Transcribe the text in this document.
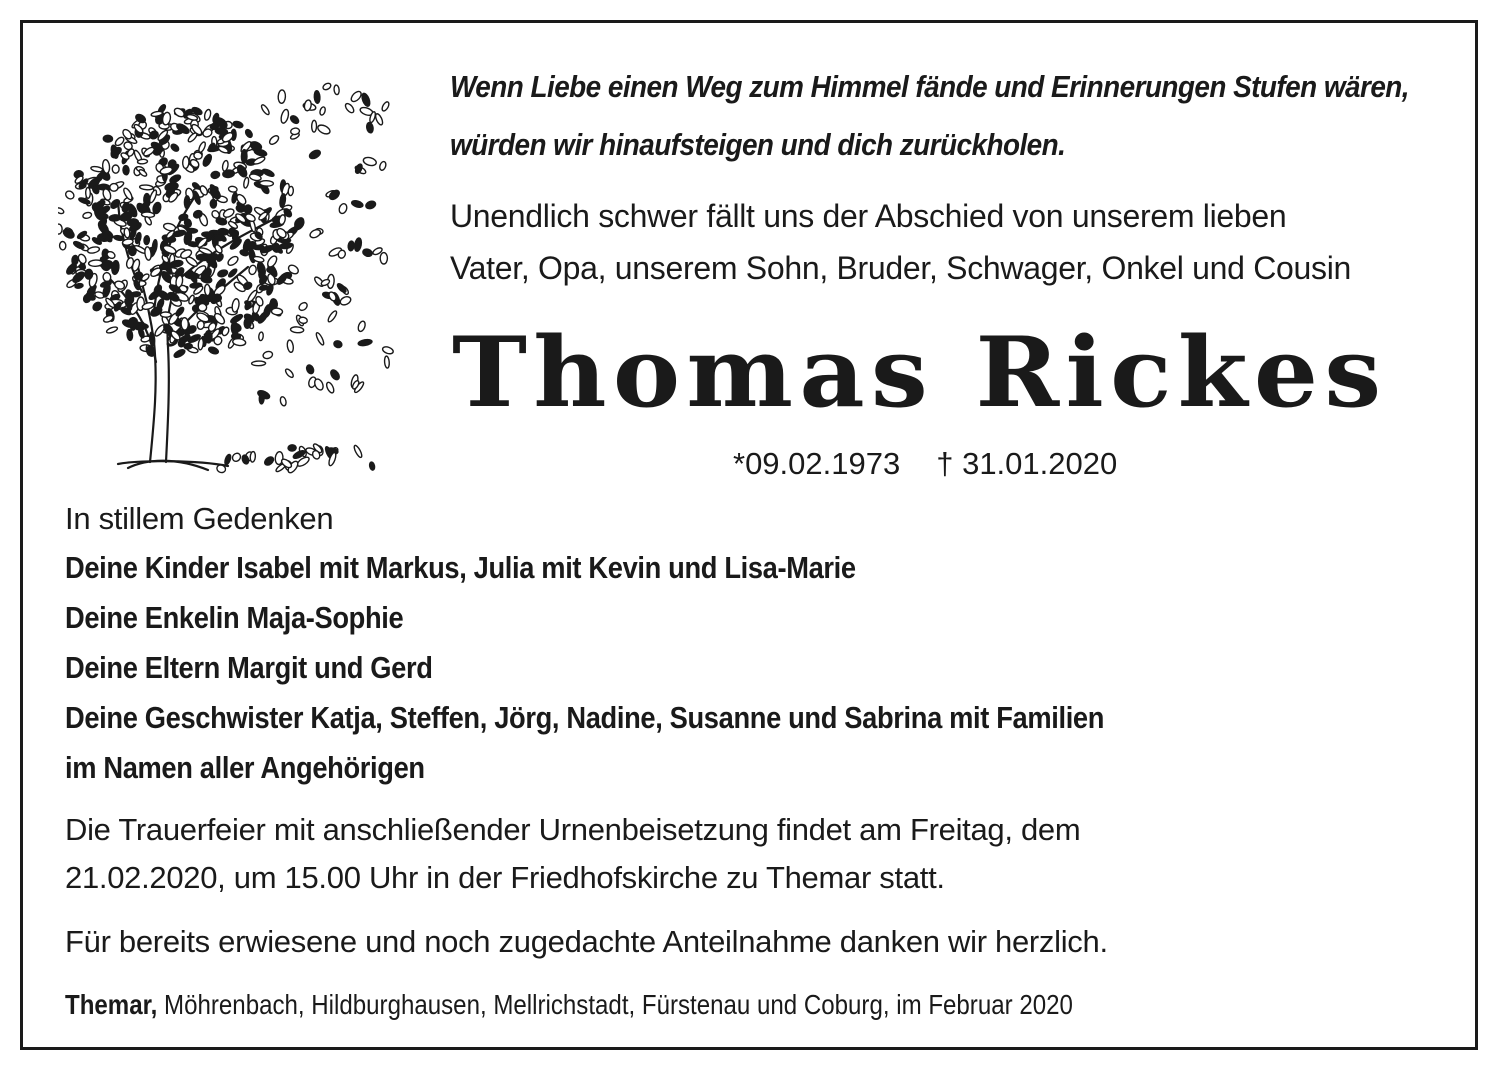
Wenn Liebe einen Weg zum Himmel fände und Erinnerungen Stufen wären,
würden wir hinaufsteigen und dich zurückholen.
Unendlich schwer fällt uns der Abschied von unserem lieben
Vater, Opa, unserem Sohn, Bruder, Schwager, Onkel und Cousin
Thomas Rickes
*09.02.1973 † 31.01.2020
In stillem Gedenken
Deine Kinder Isabel mit Markus, Julia mit Kevin und Lisa-Marie
Deine Enkelin Maja-Sophie
Deine Eltern Margit und Gerd
Deine Geschwister Katja, Steffen, Jörg, Nadine, Susanne und Sabrina mit Familien
im Namen aller Angehörigen
Die Trauerfeier mit anschließender Urnenbeisetzung findet am Freitag, dem
21.02.2020, um 15.00 Uhr in der Friedhofskirche zu Themar statt.
Für bereits erwiesene und noch zugedachte Anteilnahme danken wir herzlich.
Themar, Möhrenbach, Hildburghausen, Mellrichstadt, Fürstenau und Coburg, im Februar 2020
